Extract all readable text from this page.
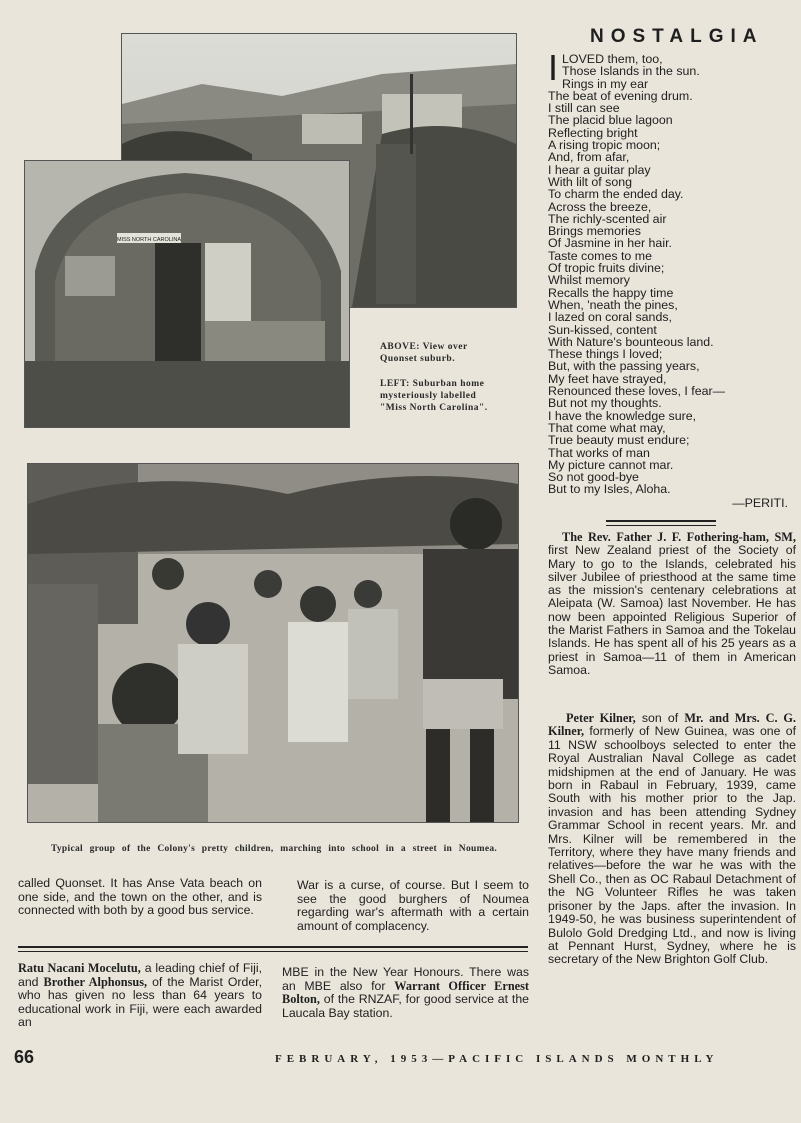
MISS NORTH CAROLINA
ABOVE: View over Quonset suburb.
LEFT: Suburban home mysteriously labelled "Miss North Carolina".
Typical group of the Colony's pretty children, marching into school in a street in Noumea.
called Quonset. It has Anse Vata beach on one side, and the town on the other, and is connected with both by a good bus service.
War is a curse, of course. But I seem to see the good burghers of Noumea regarding war's aftermath with a certain amount of complacency.
Ratu Nacani Mocelutu, a leading chief of Fiji, and Brother Alphonsus, of the Marist Order, who has given no less than 64 years to educational work in Fiji, were each awarded an
MBE in the New Year Honours. There was an MBE also for Warrant Officer Ernest Bolton, of the RNZAF, for good service at the Laucala Bay station.
NOSTALGIA
I LOVED them, too,
Those Islands in the sun.
Rings in my ear
The beat of evening drum.
I still can see
The placid blue lagoon
Reflecting bright
A rising tropic moon;
And, from afar,
I hear a guitar play
With lilt of song
To charm the ended day.
Across the breeze,
The richly-scented air
Brings memories
Of Jasmine in her hair.
Taste comes to me
Of tropic fruits divine;
Whilst memory
Recalls the happy time
When, 'neath the pines,
I lazed on coral sands,
Sun-kissed, content
With Nature's bounteous land.
These things I loved;
But, with the passing years,
My feet have strayed,
Renounced these loves, I fear—
But not my thoughts.
I have the knowledge sure,
That come what may,
True beauty must endure;
That works of man
My picture cannot mar.
So not good-bye
But to my Isles, Aloha.
—PERITI.
The Rev. Father J. F. Fothering-ham, SM, first New Zealand priest of the Society of Mary to go to the Islands, celebrated his silver Jubilee of priesthood at the same time as the mission's centenary celebrations at Aleipata (W. Samoa) last November. He has now been appointed Religious Superior of the Marist Fathers in Samoa and the Tokelau Islands. He has spent all of his 25 years as a priest in Samoa—11 of them in American Samoa.
Peter Kilner, son of Mr. and Mrs. C. G. Kilner, formerly of New Guinea, was one of 11 NSW schoolboys selected to enter the Royal Australian Naval College as cadet midshipmen at the end of January. He was born in Rabaul in February, 1939, came South with his mother prior to the Jap. invasion and has been attending Sydney Grammar School in recent years. Mr. and Mrs. Kilner will be remembered in the Territory, where they have many friends and relatives—before the war he was with the Shell Co., then as OC Rabaul Detachment of the NG Volunteer Rifles he was taken prisoner by the Japs. after the invasion. In 1949-50, he was business superintendent of Bulolo Gold Dredging Ltd., and now is living at Pennant Hurst, Sydney, where he is secretary of the New Brighton Golf Club.
66	FEBRUARY, 1953—PACIFIC ISLANDS MONTHLY
